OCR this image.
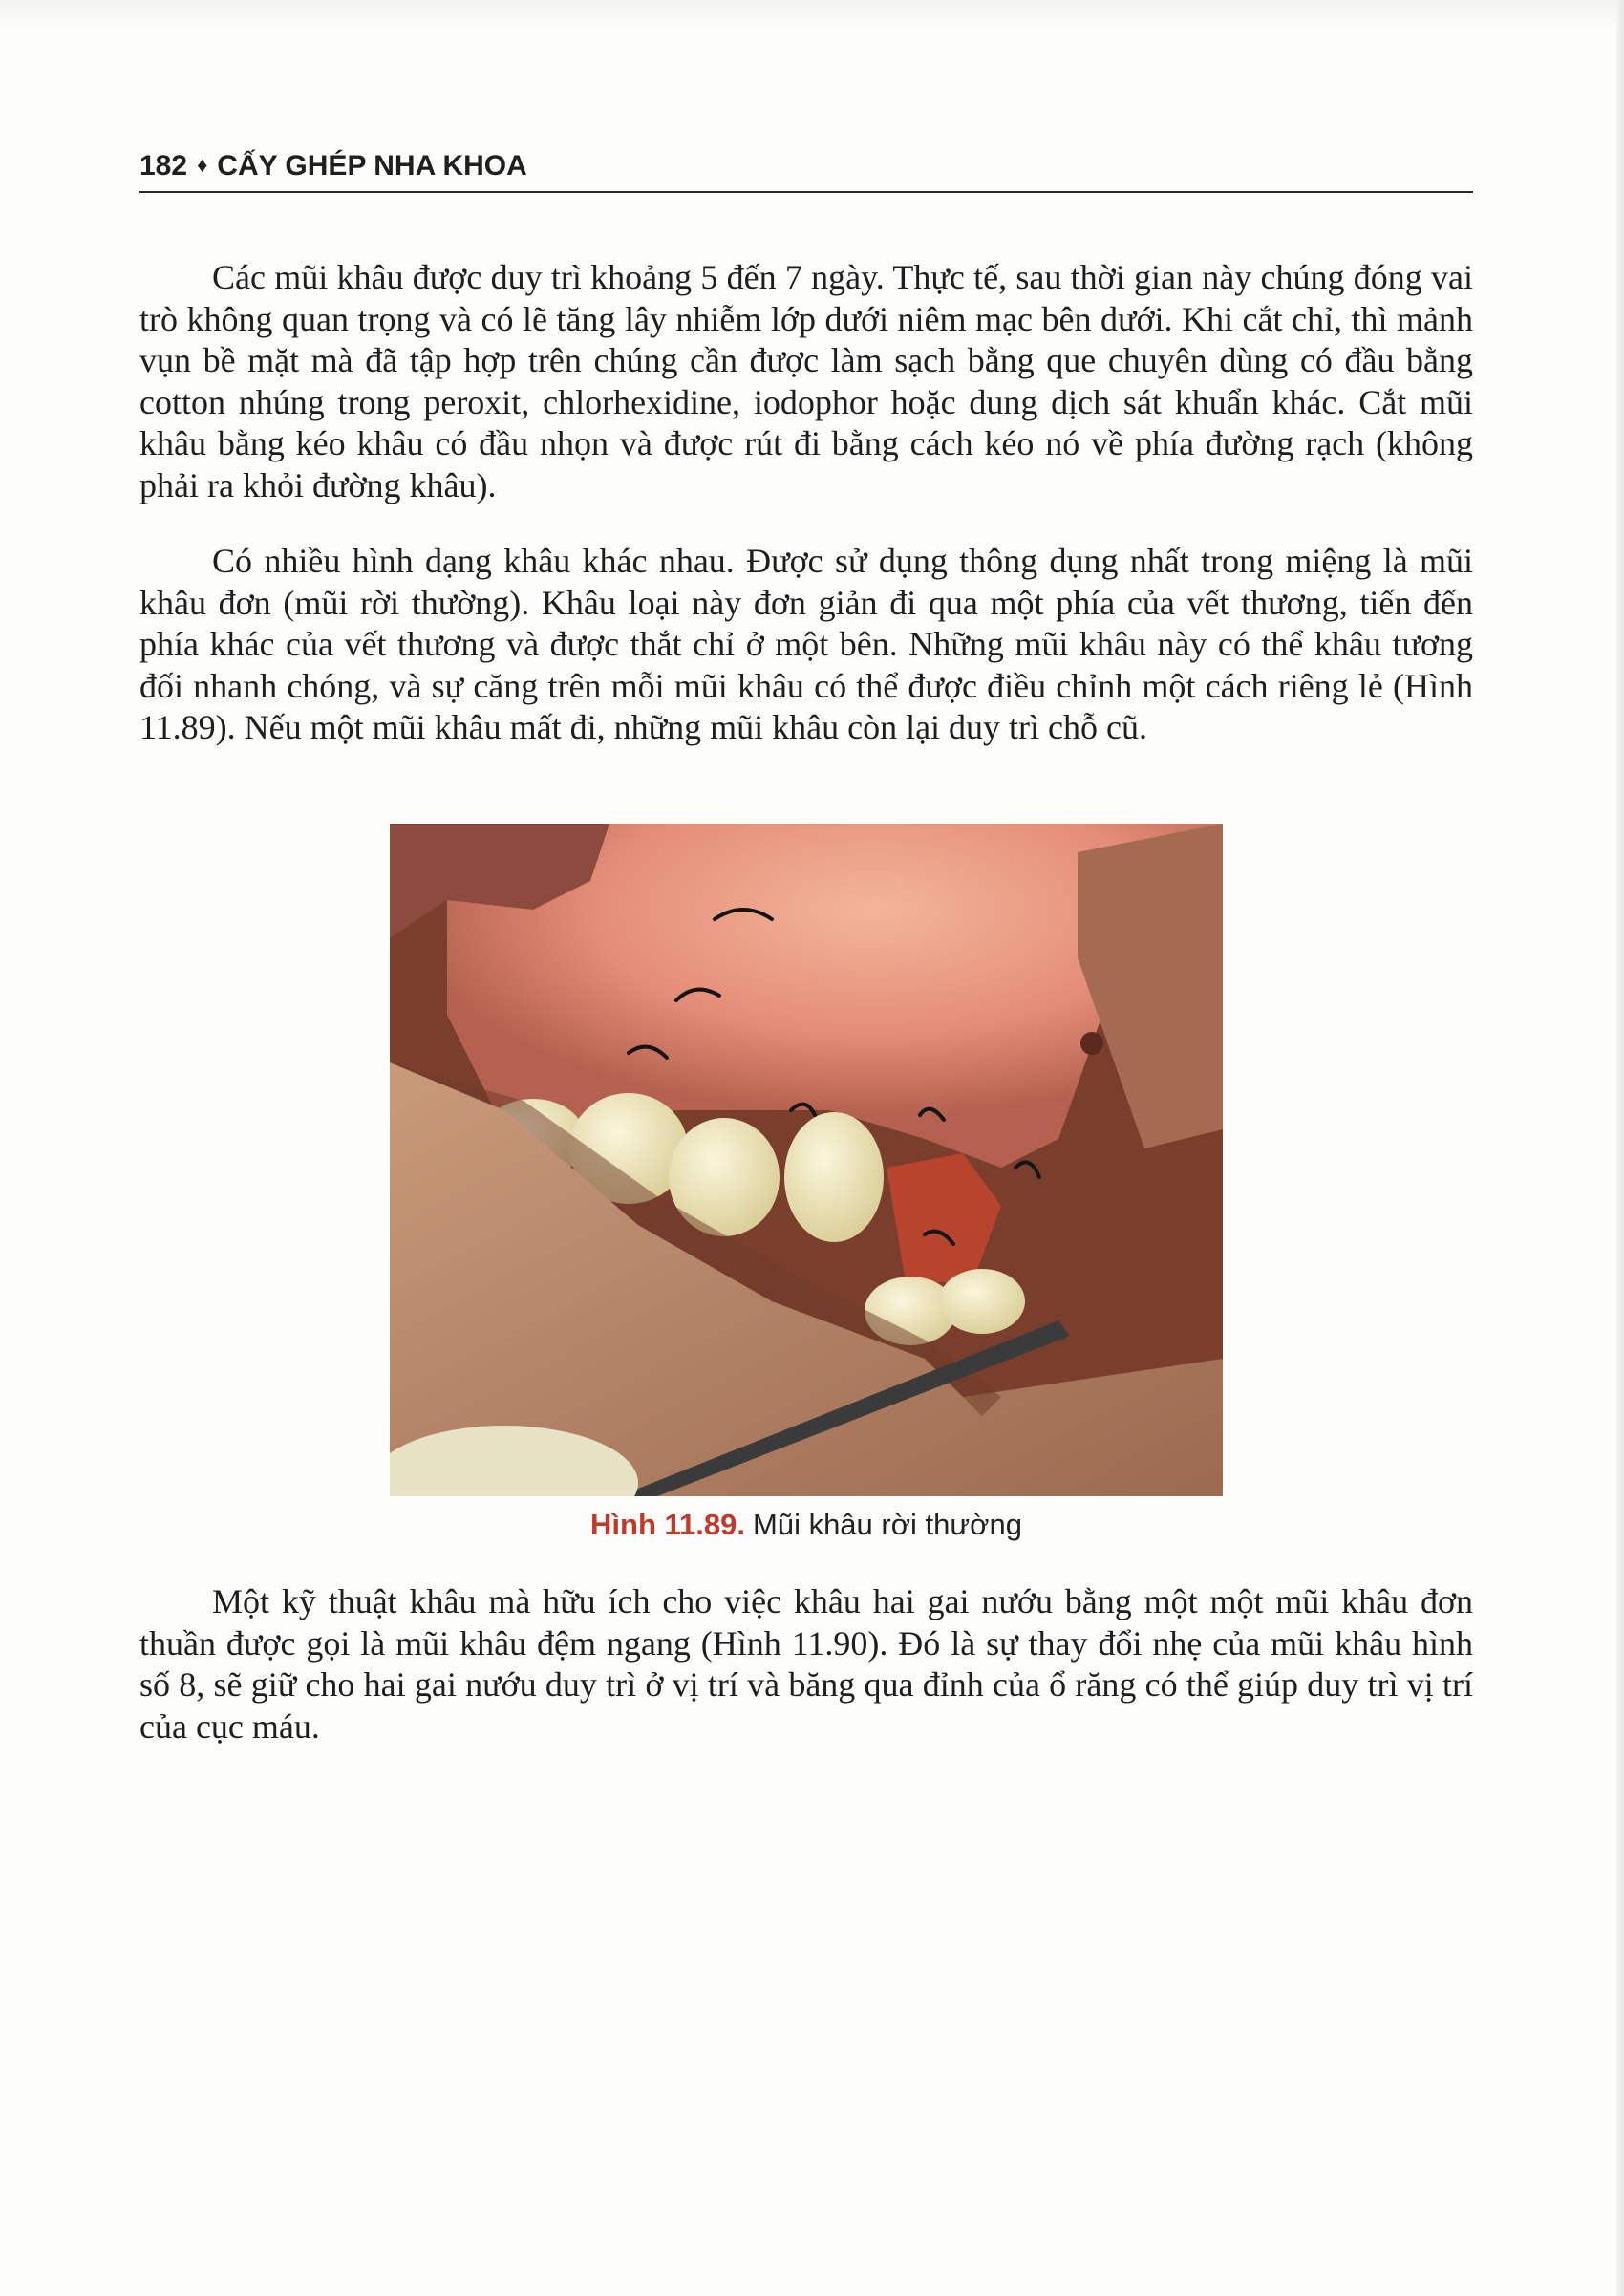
182 ♦ CẤY GHÉP NHA KHOA

Các mũi khâu được duy trì khoảng 5 đến 7 ngày. Thực tế, sau thời gian này chúng đóng vai trò không quan trọng và có lẽ tăng lây nhiễm lớp dưới niêm mạc bên dưới. Khi cắt chỉ, thì mảnh vụn bề mặt mà đã tập hợp trên chúng cần được làm sạch bằng que chuyên dùng có đầu bằng cotton nhúng trong peroxit, chlorhexidine, iodophor hoặc dung dịch sát khuẩn khác. Cắt mũi khâu bằng kéo khâu có đầu nhọn và được rút đi bằng cách kéo nó về phía đường rạch (không phải ra khỏi đường khâu).

Có nhiều hình dạng khâu khác nhau. Được sử dụng thông dụng nhất trong miệng là mũi khâu đơn (mũi rời thường). Khâu loại này đơn giản đi qua một phía của vết thương, tiến đến phía khác của vết thương và được thắt chỉ ở một bên. Những mũi khâu này có thể khâu tương đối nhanh chóng, và sự căng trên mỗi mũi khâu có thể được điều chỉnh một cách riêng lẻ (Hình 11.89). Nếu một mũi khâu mất đi, những mũi khâu còn lại duy trì chỗ cũ.

Hình 11.89. Mũi khâu rời thường

Một kỹ thuật khâu mà hữu ích cho việc khâu hai gai nướu bằng một một mũi khâu đơn thuần được gọi là mũi khâu đệm ngang (Hình 11.90). Đó là sự thay đổi nhẹ của mũi khâu hình số 8, sẽ giữ cho hai gai nướu duy trì ở vị trí và băng qua đỉnh của ổ răng có thể giúp duy trì vị trí của cục máu.
